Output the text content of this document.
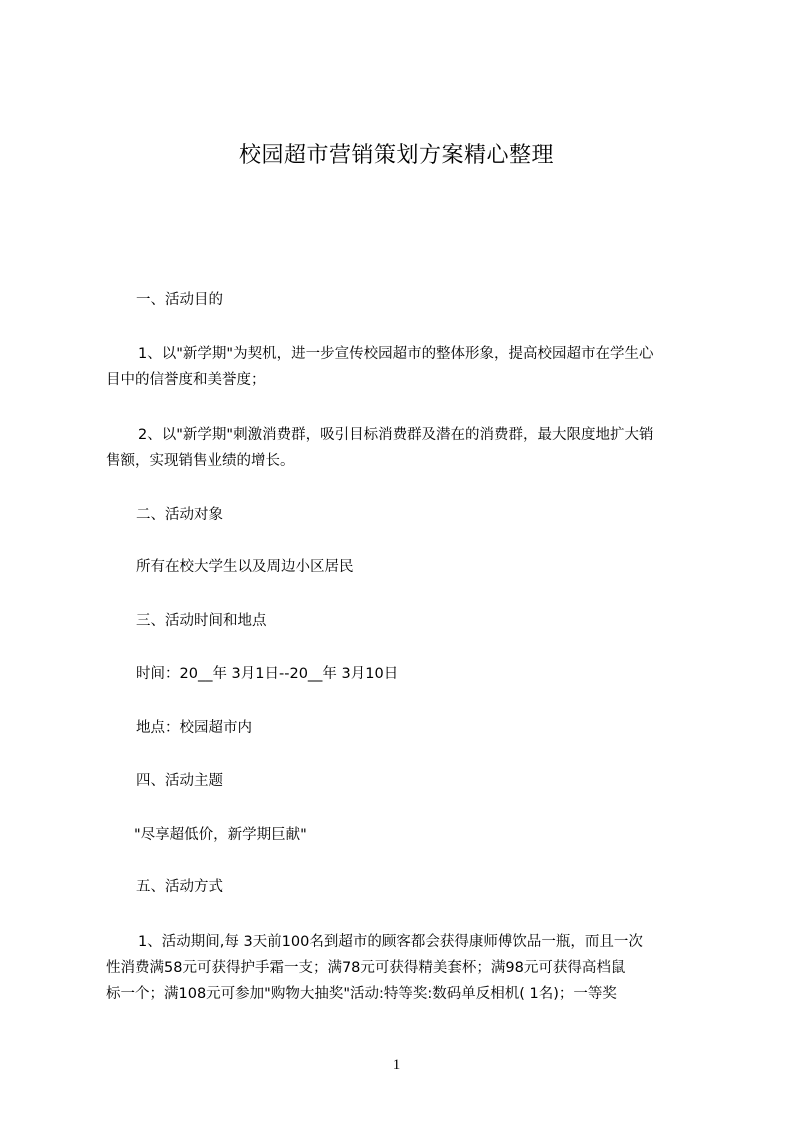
校园超市营销策划方案精心整理
一、活动目的
1、以"新学期"为契机，进一步宣传校园超市的整体形象，提高校园超市在学生心
目中的信誉度和美誉度；
2、以"新学期"刺激消费群，吸引目标消费群及潜在的消费群，最大限度地扩大销
售额，实现销售业绩的增长。
二、活动对象
所有在校大学生以及周边小区居民
三、活动时间和地点
时间：20__年 3月1日--20__年 3月10日
地点：校园超市内
四、活动主题
"尽享超低价，新学期巨献"
五、活动方式
1、活动期间,每 3天前100名到超市的顾客都会获得康师傅饮品一瓶，而且一次
性消费满58元可获得护手霜一支；满78元可获得精美套杯；满98元可获得高档鼠
标一个；满108元可参加"购物大抽奖"活动:特等奖:数码单反相机( 1名)；一等奖
1
